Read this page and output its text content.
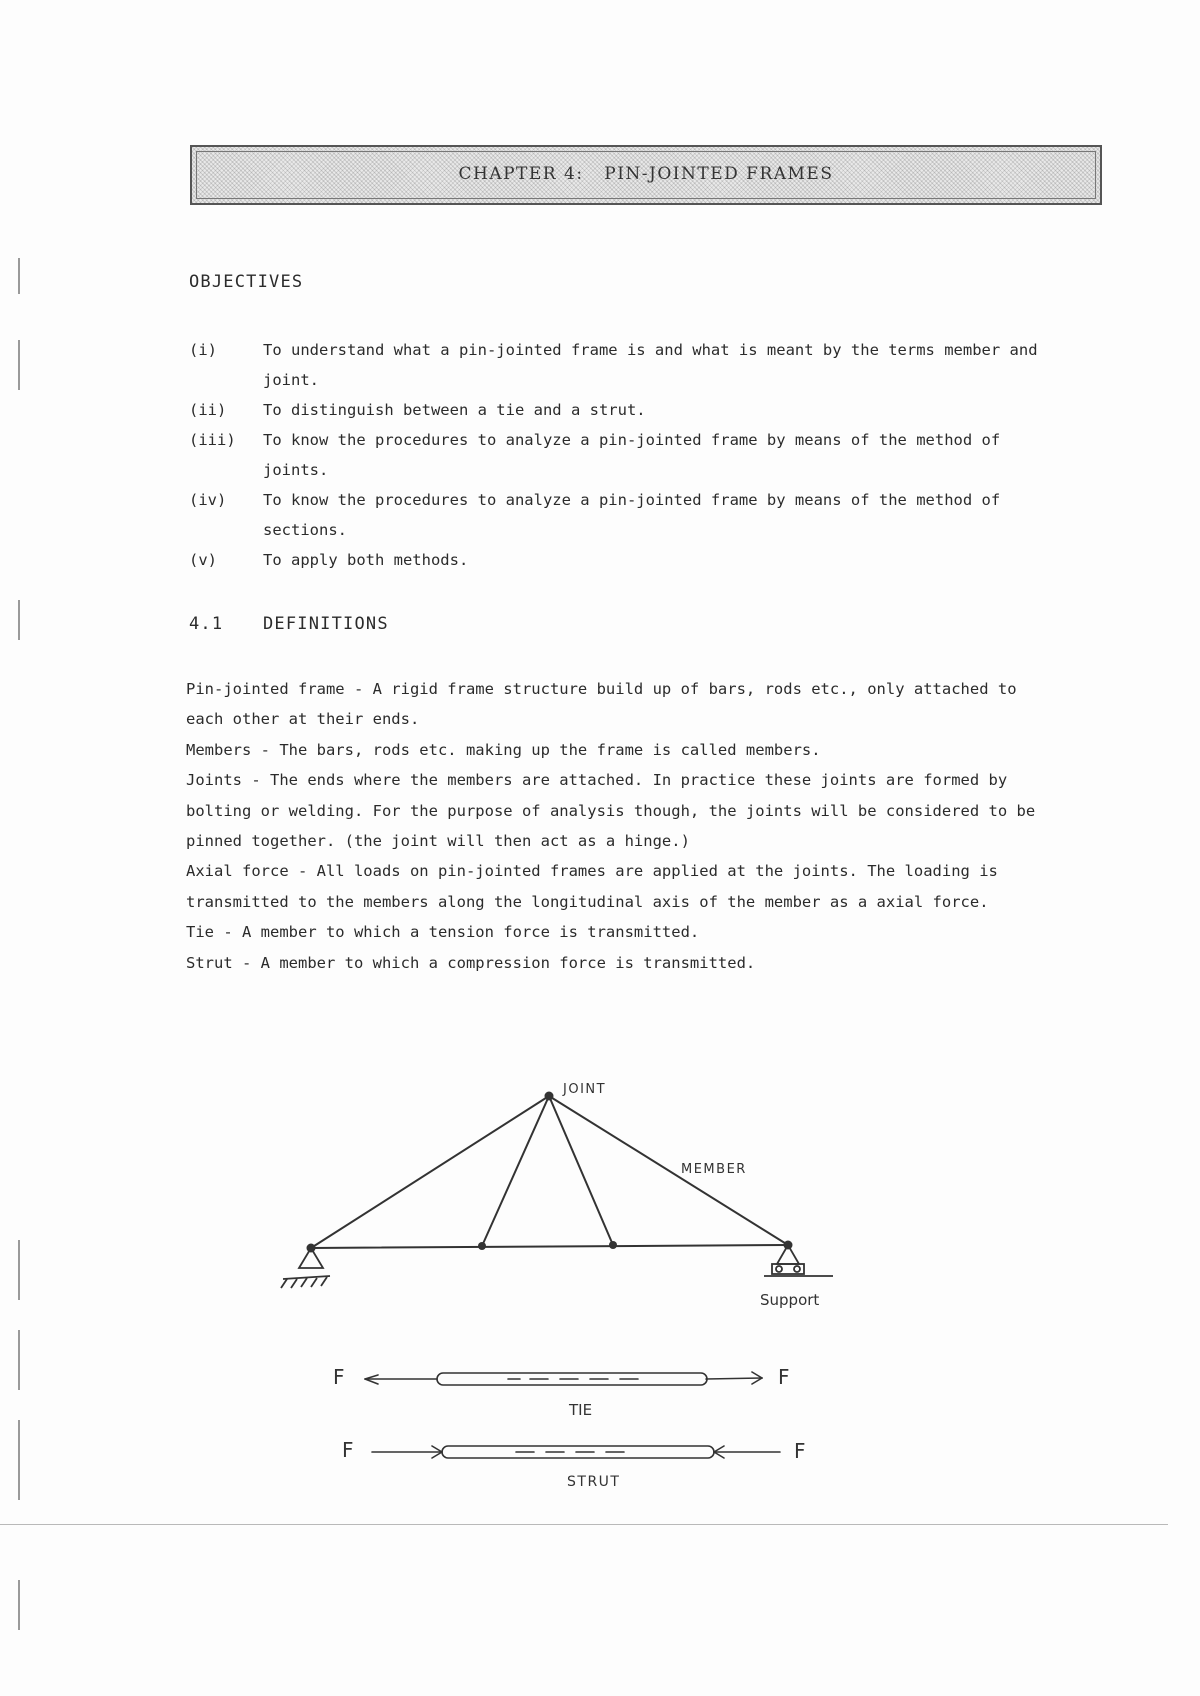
CHAPTER 4:   PIN-JOINTED FRAMES
OBJECTIVES
(i)	To understand what a pin-jointed frame is and what is meant by the terms member and joint.
(ii)	To distinguish between a tie and a strut.
(iii)	To know the procedures to analyze a pin-jointed frame by means of the method of joints.
(iv)	To know the procedures to analyze a pin-jointed frame by means of the method of sections.
(v)	To apply both methods.
4.1 DEFINITIONS

Pin-jointed frame - A rigid frame structure build up of bars, rods etc., only attached to each other at their ends.

Members - The bars, rods etc. making up the frame is called members.

Joints - The ends where the members are attached. In practice these joints are formed by bolting or welding. For the purpose of analysis though, the joints will be considered to be pinned together. (the joint will then act as a hinge.)

Axial force - All loads on pin-jointed frames are applied at the joints. The loading is transmitted to the members along the longitudinal axis of the member as a axial force.

Tie - A member to which a tension force is transmitted.

Strut - A member to which a compression force is transmitted.

JOINT
MEMBER
Support
F	F
TIE
F	F
STRUT
